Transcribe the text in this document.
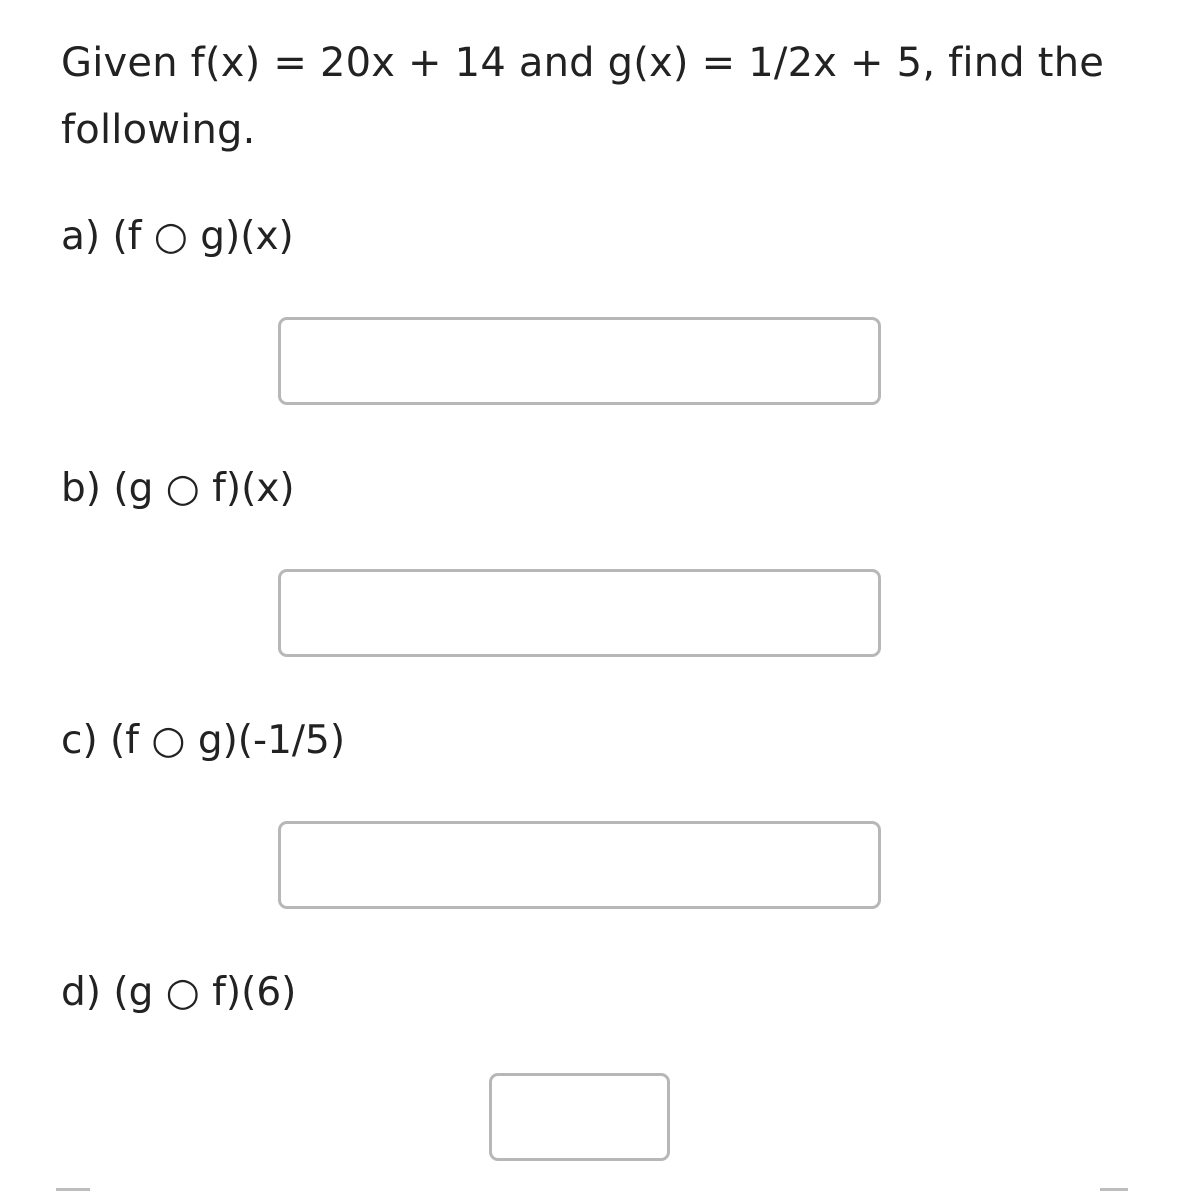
Given f(x) = 20x + 14 and g(x) = 1/2x + 5, find the following.

a) (f ○ g)(x)

b) (g ○ f)(x)

c) (f ○ g)(-1/5)

d) (g ○ f)(6)
